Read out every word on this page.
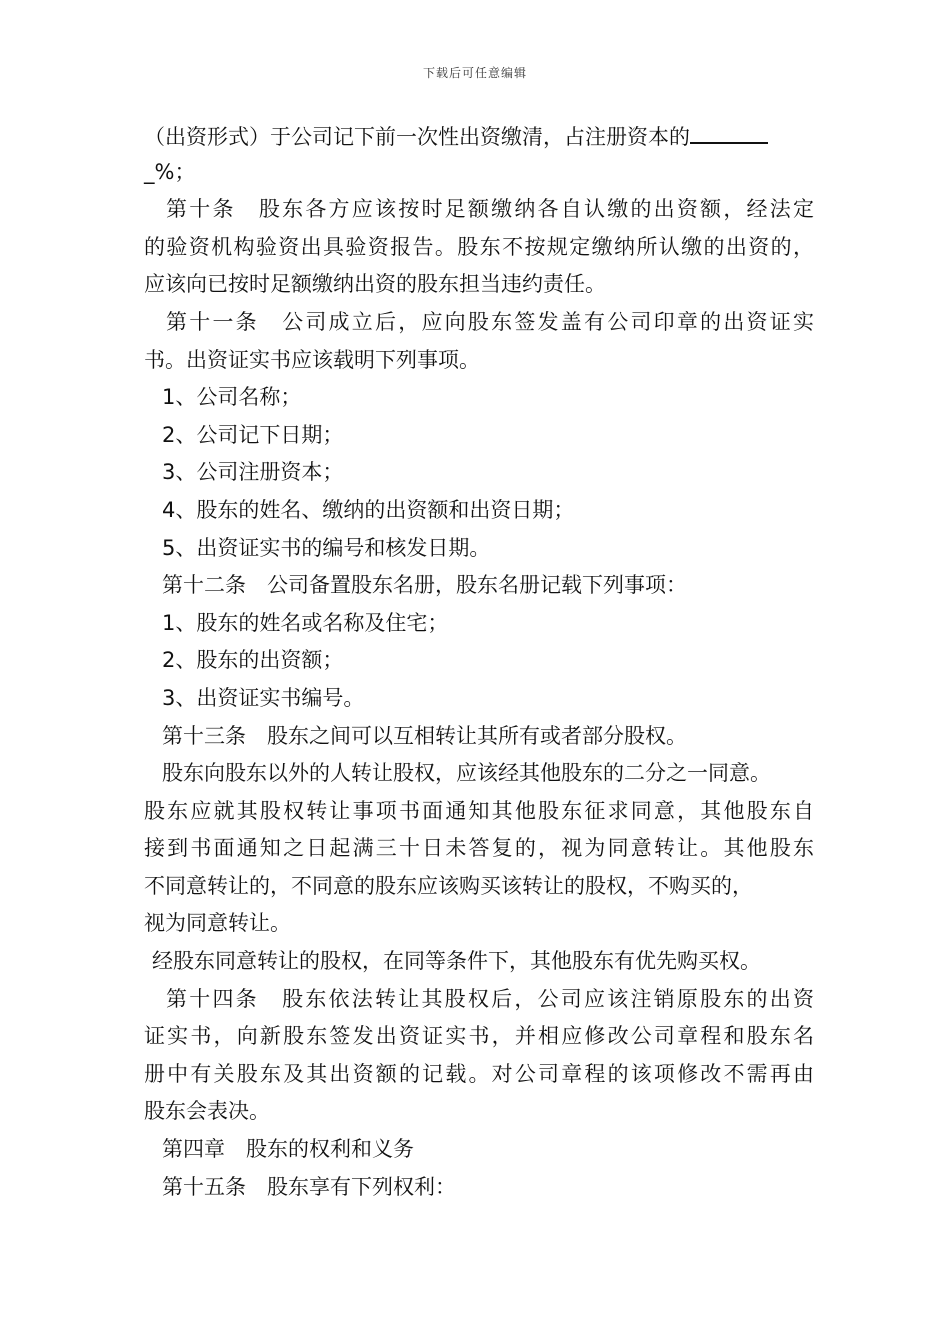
下载后可任意编辑
（出资形式）于公司记下前一次性出资缴清，占注册资本的
_%；
第十条　股东各方应该按时足额缴纳各自认缴的出资额，经法定
的验资机构验资出具验资报告。股东不按规定缴纳所认缴的出资的，
应该向已按时足额缴纳出资的股东担当违约责任。
第十一条　公司成立后，应向股东签发盖有公司印章的出资证实
书。出资证实书应该载明下列事项。
1、公司名称；
2、公司记下日期；
3、公司注册资本；
4、股东的姓名、缴纳的出资额和出资日期；
5、出资证实书的编号和核发日期。
第十二条　公司备置股东名册，股东名册记载下列事项：
1、股东的姓名或名称及住宅；
2、股东的出资额；
3、出资证实书编号。
第十三条　股东之间可以互相转让其所有或者部分股权。
股东向股东以外的人转让股权，应该经其他股东的二分之一同意。
股东应就其股权转让事项书面通知其他股东征求同意，其他股东自
接到书面通知之日起满三十日未答复的，视为同意转让。其他股东
不同意转让的，不同意的股东应该购买该转让的股权，不购买的，
视为同意转让。
经股东同意转让的股权，在同等条件下，其他股东有优先购买权。
第十四条　股东依法转让其股权后，公司应该注销原股东的出资
证实书，向新股东签发出资证实书，并相应修改公司章程和股东名
册中有关股东及其出资额的记载。对公司章程的该项修改不需再由
股东会表决。
第四章　股东的权利和义务
第十五条　股东享有下列权利：
